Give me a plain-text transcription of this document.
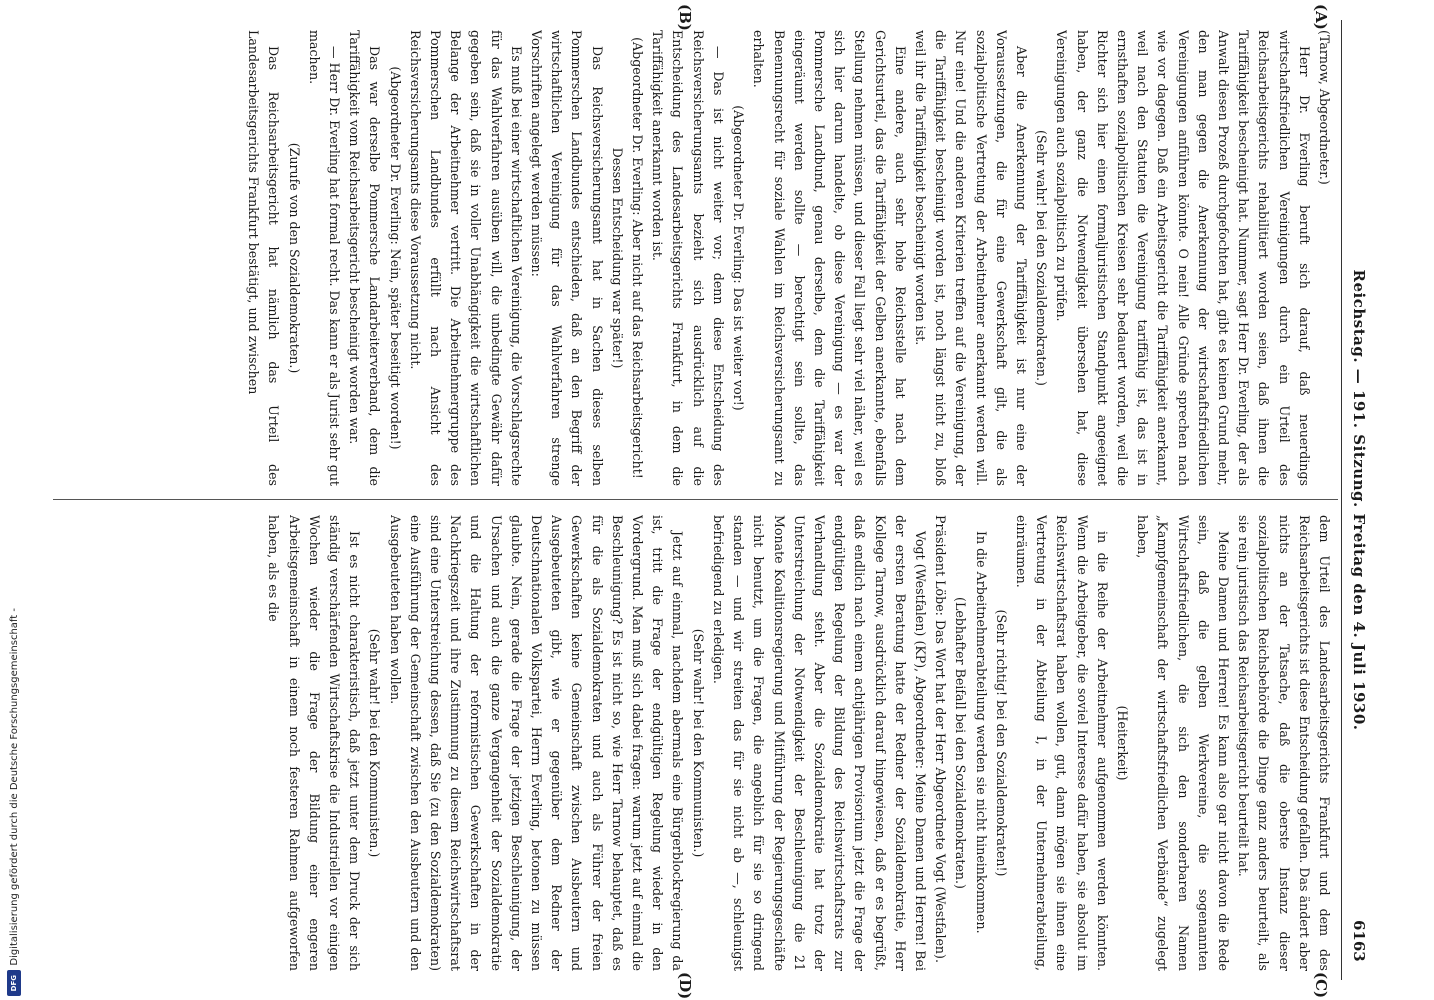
Reichstag. — 191. Sitzung. Freitag den 4. Juli 1930.
6163
(A)
(B)
(C)
(D)

(Tarnow, Abgeordneter.)

Herr Dr. Everling beruft sich darauf, daß neuerdings wirtschaftsfriedlichen Vereinigungen durch ein Urteil des Reichsarbeitsgerichts rehabilitiert worden seien, daß ihnen die Tariffähigkeit bescheinigt hat. Nummer, sagt Herr Dr. Everling, der als Anwalt diesen Prozeß durchgefochten hat, gibt es keinen Grund mehr, den man gegen die Anerkennung der wirtschaftsfriedlichen Vereinigungen anführen könnte. O nein! Alle Gründe sprechen nach wie vor dagegen. Daß ein Arbeitsgericht die Tariffähigkeit anerkannt, weil nach den Statuten die Vereinigung tariffähig ist, das ist in ernsthaften sozialpolitischen Kreisen sehr bedauert worden, weil die Richter sich hier einen formaljuristischen Standpunkt angeeignet haben, der ganz die Notwendigkeit übersehen hat, diese Vereinigungen auch sozialpolitisch zu prüfen.

(Sehr wahr! bei den Sozialdemokraten.)

Aber die Anerkennung der Tariffähigkeit ist nur eine der Voraussetzungen, die für eine Gewerkschaft gilt, die als sozialpolitische Vertretung der Arbeitnehmer anerkannt werden will. Nur eine! Und die anderen Kriterien treffen auf die Vereinigung, der die Tariffähigkeit bescheinigt worden ist, noch längst nicht zu, bloß weil ihr die Tariffähigkeit bescheinigt worden ist.

Eine andere, auch sehr hohe Reichsstelle hat nach dem Gerichtsurteil, das die Tariffähigkeit der Gelben anerkannte, ebenfalls Stellung nehmen müssen, und dieser Fall liegt sehr viel näher, weil es sich hier darum handelte, ob diese Vereinigung — es war der Pommersche Landbund, genau derselbe, dem die Tariffähigkeit eingeräumt werden sollte — berechtigt sein sollte, das Benennungsrecht für soziale Wahlen im Reichsversicherungsamt zu erhalten.

(Abgeordneter Dr. Everling: Das ist weiter vor!)

— Das ist nicht weiter vor; denn diese Entscheidung des Reichsversicherungsamts bezieht sich ausdrücklich auf die Entscheidung des Landesarbeitsgerichts Frankfurt, in dem die Tariffähigkeit anerkannt worden ist.

(Abgeordneter Dr. Everling: Aber nicht auf das Reichsarbeitsgericht! Dessen Entscheidung war später!)

Das Reichsversicherungsamt hat in Sachen dieses selben Pommerschen Landbundes entschieden, daß an den Begriff der wirtschaftlichen Vereinigung für das Wahlverfahren strenge Vorschriften angelegt werden müssen:

Es muß bei einer wirtschaftlichen Vereinigung, die Vorschlagsrechte für das Wahlverfahren ausüben will, die unbedingte Gewähr dafür gegeben sein, daß sie in voller Unabhängigkeit die wirtschaftlichen Belange der Arbeitnehmer vertritt. Die Arbeitnehmergruppe des Pommerschen Landbundes erfüllt nach Ansicht des Reichsversicherungsamts diese Voraussetzung nicht.

(Abgeordneter Dr. Everling: Nein, später beseitigt worden!)

Das war derselbe Pommersche Landarbeiterverband, dem die Tariffähigkeit vom Reichsarbeitsgericht bescheinigt worden war.

— Herr Dr. Everling hat formal recht. Das kann er als Jurist sehr gut machen.

(Zurufe von den Sozialdemokraten.)

Das Reichsarbeitsgericht hat nämlich das Urteil des Landesarbeitsgerichts Frankfurt bestätigt, und zwischen

dem Urteil des Landesarbeitsgerichts Frankfurt und dem des Reichsarbeitsgerichts ist diese Entscheidung gefallen. Das ändert aber nichts an der Tatsache, daß die oberste Instanz dieser sozialpolitischen Reichsbehörde die Dinge ganz anders beurteilt, als sie rein juristisch das Reichsarbeitsgericht beurteilt hat.

Meine Damen und Herren! Es kann also gar nicht davon die Rede sein, daß die gelben Werkvereine, die sogenannten Wirtschaftsfriedlichen, die sich den sonderbaren Namen „Kampfgemeinschaft der wirtschaftsfriedlichen Verbände“ zugelegt haben,

(Heiterkeit)

in die Reihe der Arbeitnehmer aufgenommen werden könnten. Wenn die Arbeitgeber, die soviel Interesse dafür haben, sie absolut im Reichswirtschaftsrat haben wollen, gut, dann mögen sie ihnen eine Vertretung in der Abteilung I, in der Unternehmerabteilung, einräumen.

(Sehr richtig! bei den Sozialdemokraten!)

In die Arbeitnehmerabteilung werden sie nicht hineinkommen.

(Lebhafter Beifall bei den Sozialdemokraten.)

Präsident Löbe: Das Wort hat der Herr Abgeordnete Vogt (Westfalen).

Vogt (Westfalen) (KP), Abgeordneter: Meine Damen und Herren! Bei der ersten Beratung hatte der Redner der Sozialdemokratie, Herr Kollege Tarnow, ausdrücklich darauf hingewiesen, daß er es begrüßt, daß endlich nach einem achtjährigen Provisorium jetzt die Frage der endgültigen Regelung der Bildung des Reichswirtschaftsrats zur Verhandlung steht. Aber die Sozialdemokratie hat trotz der Unterstreichung der Notwendigkeit der Beschleunigung die 21 Monate Koalitionsregierung und Mitführung der Regierungsgeschäfte nicht benutzt, um die Fragen, die angeblich für sie so dringend standen — und wir streiten das für sie nicht ab —, schleunigst befriedigend zu erledigen.

(Sehr wahr! bei den Kommunisten.)

Jetzt auf einmal, nachdem abermals eine Bürgerblockregierung da ist, tritt die Frage der endgültigen Regelung wieder in den Vordergrund. Man muß sich dabei fragen: warum jetzt auf einmal die Beschleunigung? Es ist nicht so, wie Herr Tarnow behauptet, daß es für die als Sozialdemokraten und auch als Führer der freien Gewerkschaften keine Gemeinschaft zwischen Ausbeutern und Ausgebeuteten gibt, wie er gegenüber dem Redner der Deutschnationalen Volkspartei, Herrn Everling, betonen zu müssen glaubte. Nein, gerade die Frage der jetzigen Beschleunigung, der Ursachen und auch die ganze Vergangenheit der Sozialdemokratie und die Haltung der reformistischen Gewerkschaften in der Nachkriegszeit und ihre Zustimmung zu diesem Reichswirtschaftsrat sind eine Unterstreichung dessen, daß Sie (zu den Sozialdemokraten) eine Ausführung der Gemeinschaft zwischen den Ausbeutern und den Ausgebeuteten haben wollen.

(Sehr wahr! bei den Kommunisten.)

Ist es nicht charakteristisch, daß jetzt unter dem Druck der sich ständig verschärfenden Wirtschaftskrise die Industriellen vor einigen Wochen wieder die Frage der Bildung einer engeren Arbeitsgemeinschaft in einem noch festeren Rahmen aufgeworfen haben, als es die

DFG
Digitalisierung gefördert durch die Deutsche Forschungsgemeinschaft -
